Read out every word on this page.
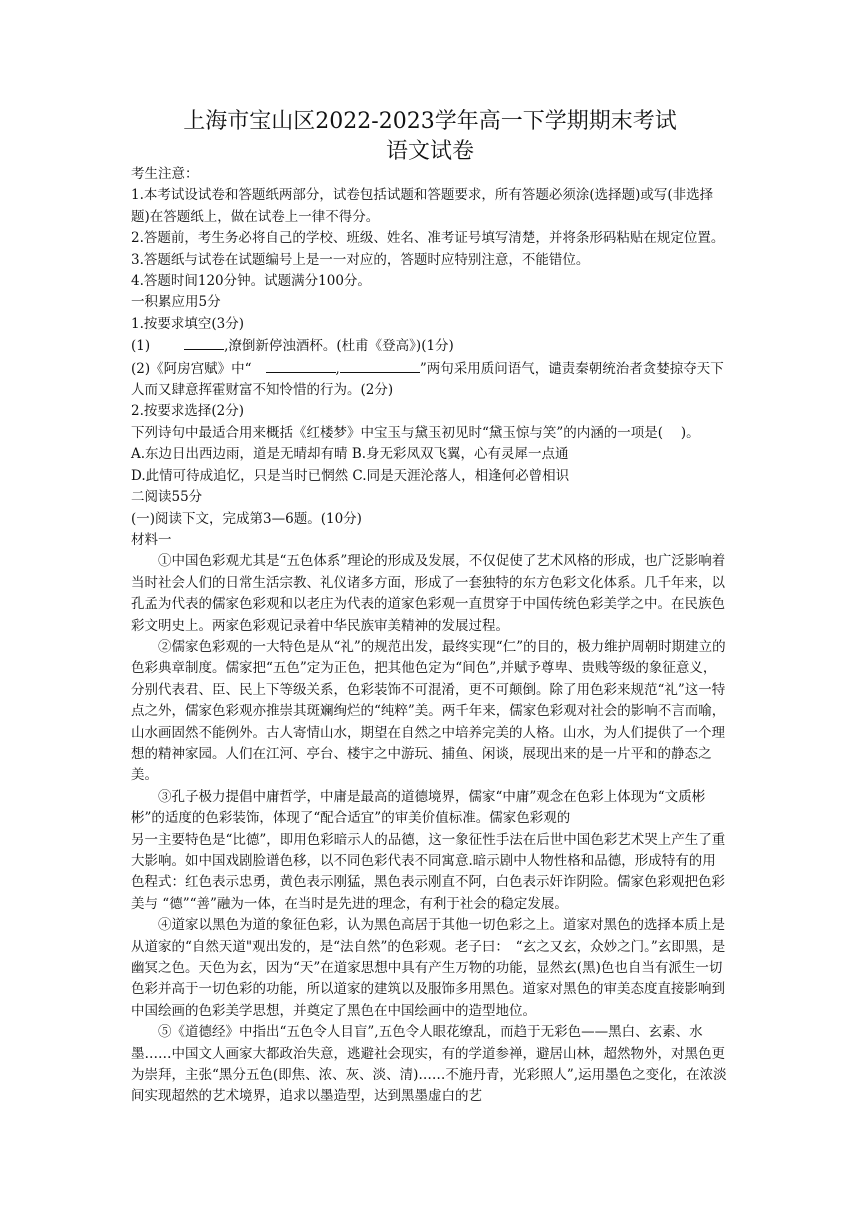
上海市宝山区2022-2023学年高一下学期期末考试
语文试卷

考生注意：

1.本考试设试卷和答题纸两部分，试卷包括试题和答题要求，所有答题必须涂(选择题)或写(非选择题)在答题纸上，做在试卷上一律不得分。

2.答题前，考生务必将自己的学校、班级、姓名、准考证号填写清楚，并将条形码粘贴在规定位置。

3.答题纸与试卷在试题编号上是一一对应的，答题时应特别注意，不能错位。

4.答题时间120分钟。试题满分100分。

一积累应用5分

1.按要求填空(3分)

(1)	,潦倒新停浊酒杯。(杜甫《登高》)(1分)

(2)《阿房宫赋》中“	,	”两句采用质问语气，谴责秦朝统治者贪婪掠夺天下人而又肆意挥霍财富不知怜惜的行为。(2分)

2.按要求选择(2分)

下列诗句中最适合用来概括《红楼梦》中宝玉与黛玉初见时“黛玉惊与笑”的内涵的一项是(　 )。

A.东边日出西边雨，道是无晴却有晴 B.身无彩凤双飞翼，心有灵犀一点通

D.此情可待成追忆，只是当时已惘然 C.同是天涯沦落人，相逢何必曾相识

二阅读55分

(一)阅读下文，完成第3—6题。(10分)

材料一

①中国色彩观尤其是“五色体系”理论的形成及发展，不仅促使了艺术风格的形成，也广泛影响着当时社会人们的日常生活宗教、礼仪诸多方面，形成了一套独特的东方色彩文化体系。几千年来，以孔孟为代表的儒家色彩观和以老庄为代表的道家色彩观一直贯穿于中国传统色彩美学之中。在民族色彩文明史上。两家色彩观记录着中华民族审美精神的发展过程。

②儒家色彩观的一大特色是从“礼”的规范出发，最终实现“仁”的目的，极力维护周朝时期建立的色彩典章制度。儒家把“五色”定为正色，把其他色定为“间色”,并赋予尊卑、贵贱等级的象征意义，分别代表君、臣、民上下等级关系，色彩装饰不可混淆，更不可颠倒。除了用色彩来规范“礼”这一特点之外，儒家色彩观亦推崇其斑斓绚烂的“纯粹”美。两千年来，儒家色彩观对社会的影响不言而喻，山水画固然不能例外。古人寄情山水，期望在自然之中培养完美的人格。山水，为人们提供了一个理想的精神家园。人们在江河、亭台、楼宇之中游玩、捕鱼、闲谈，展现出来的是一片平和的静态之美。

③孔子极力提倡中庸哲学，中庸是最高的道德境界，儒家“中庸”观念在色彩上体现为“文质彬彬”的适度的色彩装饰，体现了“配合适宜”的审美价值标准。儒家色彩观的

另一主要特色是“比德”，即用色彩暗示人的品德，这一象征性手法在后世中国色彩艺术哭上产生了重大影响。如中国戏剧脸谱色移，以不同色彩代表不同寓意.暗示剧中人物性格和品德，形成特有的用色程式：红色表示忠勇，黄色表示刚猛，黑色表示刚直不阿，白色表示奸诈阴险。儒家色彩观把色彩美与 “德”“善”融为一体，在当时是先进的理念，有利于社会的稳定发展。

④道家以黑色为道的象征色彩，认为黑色高居于其他一切色彩之上。道家对黑色的选择本质上是从道家的“自然天道"观出发的，是“法自然”的色彩观。老子曰：　“玄之又玄，众妙之门。”玄即黑，是幽冥之色。天色为玄，因为“天”在道家思想中具有产生万物的功能，显然玄(黑)色也自当有派生一切色彩并高于一切色彩的功能，所以道家的建筑以及服饰多用黑色。道家对黑色的审美态度直接影响到中国绘画的色彩美学思想，并奠定了黑色在中国绘画中的造型地位。

⑤《道德经》中指出“五色令人目盲”,五色令人眼花缭乱，而趋于无彩色——黑白、玄素、水墨……中国文人画家大都政治失意，逃避社会现实，有的学道参禅，避居山林，超然物外，对黑色更为崇拜，主张“黑分五色(即焦、浓、灰、淡、清)……不施丹青，光彩照人”,运用墨色之变化，在浓淡间实现超然的艺术境界，追求以墨造型，达到黑墨虚白的艺
